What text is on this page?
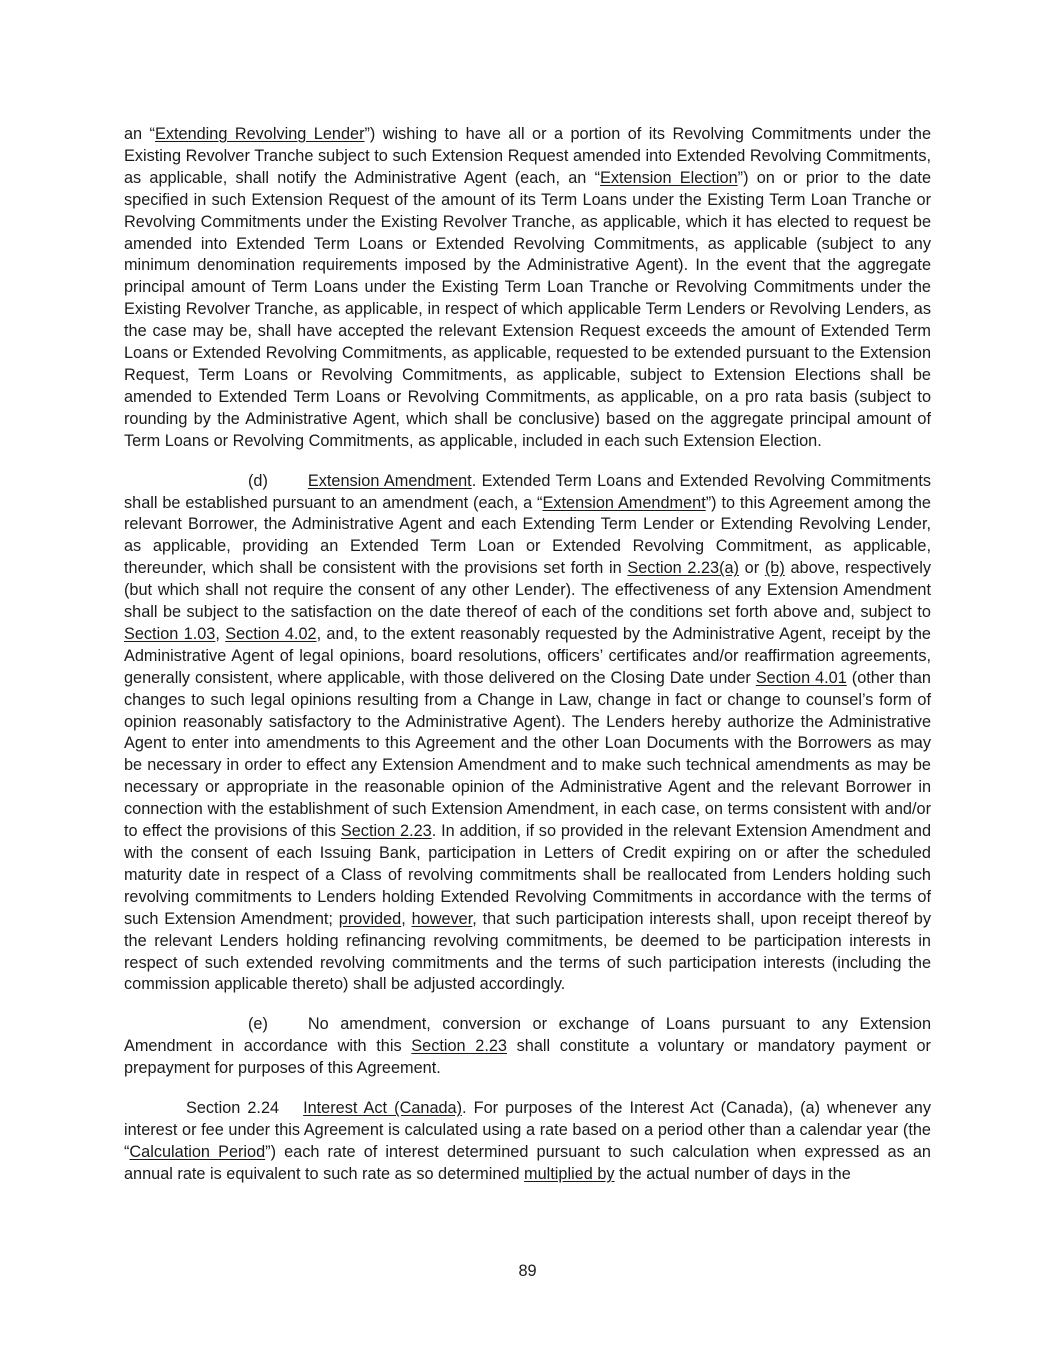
an “Extending Revolving Lender”) wishing to have all or a portion of its Revolving Commitments under the Existing Revolver Tranche subject to such Extension Request amended into Extended Revolving Commitments, as applicable, shall notify the Administrative Agent (each, an “Extension Election”) on or prior to the date specified in such Extension Request of the amount of its Term Loans under the Existing Term Loan Tranche or Revolving Commitments under the Existing Revolver Tranche, as applicable, which it has elected to request be amended into Extended Term Loans or Extended Revolving Commitments, as applicable (subject to any minimum denomination requirements imposed by the Administrative Agent). In the event that the aggregate principal amount of Term Loans under the Existing Term Loan Tranche or Revolving Commitments under the Existing Revolver Tranche, as applicable, in respect of which applicable Term Lenders or Revolving Lenders, as the case may be, shall have accepted the relevant Extension Request exceeds the amount of Extended Term Loans or Extended Revolving Commitments, as applicable, requested to be extended pursuant to the Extension Request, Term Loans or Revolving Commitments, as applicable, subject to Extension Elections shall be amended to Extended Term Loans or Revolving Commitments, as applicable, on a pro rata basis (subject to rounding by the Administrative Agent, which shall be conclusive) based on the aggregate principal amount of Term Loans or Revolving Commitments, as applicable, included in each such Extension Election.

(d) Extension Amendment. Extended Term Loans and Extended Revolving Commitments shall be established pursuant to an amendment (each, a “Extension Amendment”) to this Agreement among the relevant Borrower, the Administrative Agent and each Extending Term Lender or Extending Revolving Lender, as applicable, providing an Extended Term Loan or Extended Revolving Commitment, as applicable, thereunder, which shall be consistent with the provisions set forth in Section 2.23(a) or (b) above, respectively (but which shall not require the consent of any other Lender). The effectiveness of any Extension Amendment shall be subject to the satisfaction on the date thereof of each of the conditions set forth above and, subject to Section 1.03, Section 4.02, and, to the extent reasonably requested by the Administrative Agent, receipt by the Administrative Agent of legal opinions, board resolutions, officers’ certificates and/or reaffirmation agreements, generally consistent, where applicable, with those delivered on the Closing Date under Section 4.01 (other than changes to such legal opinions resulting from a Change in Law, change in fact or change to counsel’s form of opinion reasonably satisfactory to the Administrative Agent). The Lenders hereby authorize the Administrative Agent to enter into amendments to this Agreement and the other Loan Documents with the Borrowers as may be necessary in order to effect any Extension Amendment and to make such technical amendments as may be necessary or appropriate in the reasonable opinion of the Administrative Agent and the relevant Borrower in connection with the establishment of such Extension Amendment, in each case, on terms consistent with and/or to effect the provisions of this Section 2.23. In addition, if so provided in the relevant Extension Amendment and with the consent of each Issuing Bank, participation in Letters of Credit expiring on or after the scheduled maturity date in respect of a Class of revolving commitments shall be reallocated from Lenders holding such revolving commitments to Lenders holding Extended Revolving Commitments in accordance with the terms of such Extension Amendment; provided, however, that such participation interests shall, upon receipt thereof by the relevant Lenders holding refinancing revolving commitments, be deemed to be participation interests in respect of such extended revolving commitments and the terms of such participation interests (including the commission applicable thereto) shall be adjusted accordingly.

(e) No amendment, conversion or exchange of Loans pursuant to any Extension Amendment in accordance with this Section 2.23 shall constitute a voluntary or mandatory payment or prepayment for purposes of this Agreement.

Section 2.24 Interest Act (Canada). For purposes of the Interest Act (Canada), (a) whenever any interest or fee under this Agreement is calculated using a rate based on a period other than a calendar year (the “Calculation Period”) each rate of interest determined pursuant to such calculation when expressed as an annual rate is equivalent to such rate as so determined multiplied by the actual number of days in the

89
